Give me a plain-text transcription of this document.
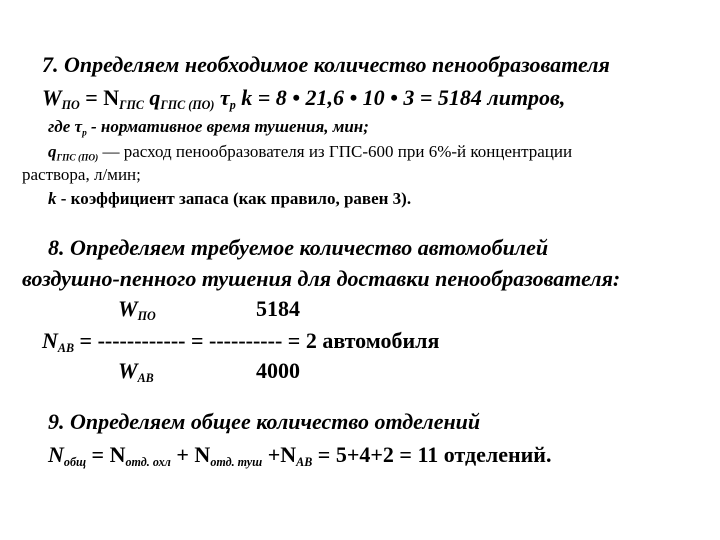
7. Определяем необходимое количество пенообразователя
$W_{ПО} = N_{ГПС}$ $q_{ГПС (ПО)}$ $\tau_р$ k = 8 • 21,6 • 10 • 3 = 5184 литров,
где $\tau_р$ - нормативное время тушения, мин;
$q_{ГПС (ПО)}$ — расход пенообразователя из ГПС-600 при 6%-й концентрации
раствора, л/мин;
k - коэффициент запаса (как правило, равен 3).
8. Определяем требуемое количество автомобилей
воздушно-пенного тушения для доставки пенообразователя:
$W_{ПО}$	5184
$N_{АВ}$ = ------------ = ---------- = 2 автомобиля
$W_{АВ}$	4000
9. Определяем общее количество отделений
$N_{общ} = N_{отд. охл} + N_{отд. туш} +N_{АВ} = 5+4+2 = 11$ отделений.
